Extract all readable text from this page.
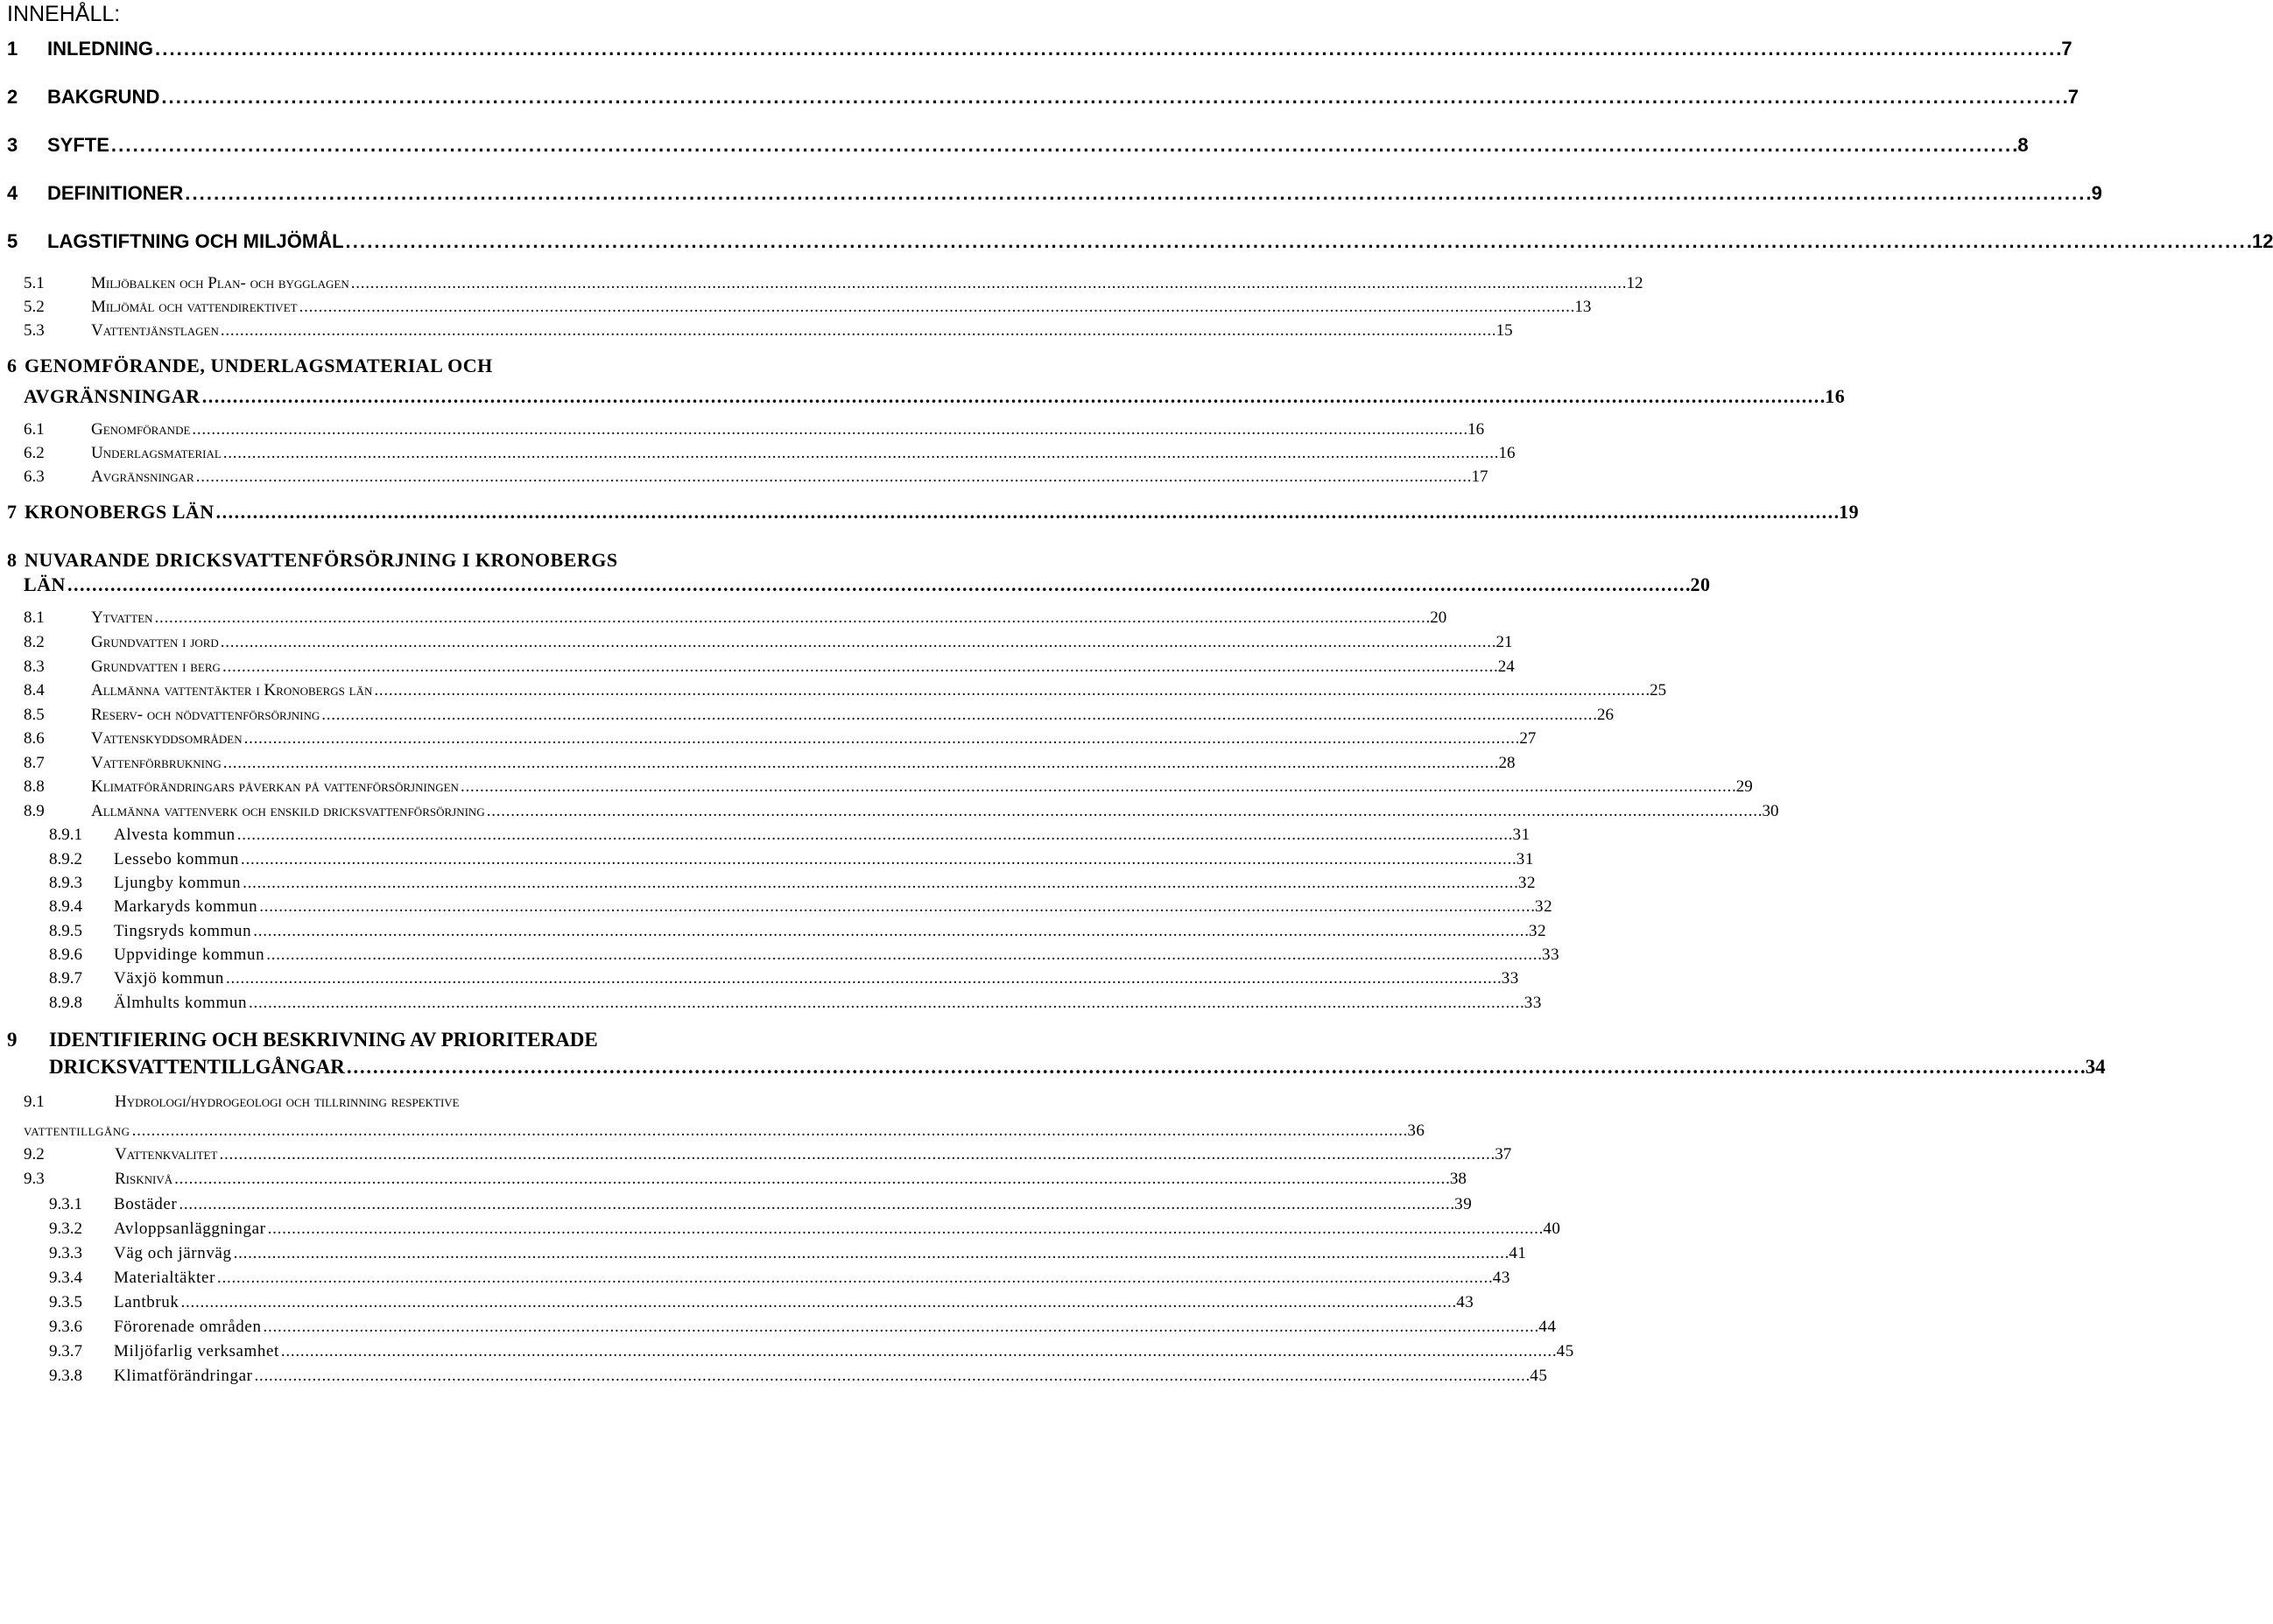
INNEHÅLL:
1	INLEDNING . . .	7
2	BAKGRUND . . .	7
3	SYFTE . . .	8
4	DEFINITIONER . . .	9
5	LAGSTIFTNING OCH MILJÖMÅL . . .	12
5.1	Miljöbalken och Plan- och bygglagen . . .	12
5.2	Miljömål och vattendirektivet . . .	13
5.3	Vattentjänstlagen . . .	15
6 GENOMFÖRANDE, UNDERLAGSMATERIAL OCH
AVGRÄNSNINGAR . . .	16
6.1	Genomförande . . .	16
6.2	Underlagsmaterial . . .	16
6.3	Avgränsningar . . .	17
7 KRONOBERGS LÄN . . .	19
8 NUVARANDE DRICKSVATTENFÖRSÖRJNING I KRONOBERGS
LÄN . . .	20
8.1	Ytvatten . . .	20
8.2	Grundvatten i jord . . .	21
8.3	Grundvatten i berg . . .	24
8.4	Allmänna vattentäkter i Kronobergs län . . .	25
8.5	Reserv- och nödvattenförsörjning . . .	26
8.6	Vattenskyddsområden . . .	27
8.7	Vattenförbrukning . . .	28
8.8	Klimatförändringars påverkan på vattenförsörjningen . . .	29
8.9	Allmänna vattenverk och enskild dricksvattenförsörjning . . .	30
8.9.1	Alvesta kommun . . .	31
8.9.2	Lessebo kommun . . .	31
8.9.3	Ljungby kommun . . .	32
8.9.4	Markaryds kommun . . .	32
8.9.5	Tingsryds kommun . . .	32
8.9.6	Uppvidinge kommun . . .	33
8.9.7	Växjö kommun . . .	33
8.9.8	Älmhults kommun . . .	33
9	IDENTIFIERING OCH BESKRIVNING AV PRIORITERADE
DRICKSVATTENTILLGÅNGAR . . .	34
9.1	Hydrologi/hydrogeologi och tillrinning respektive
vattentillgång . . .	36
9.2	Vattenkvalitet . . .	37
9.3	Risknivå . . .	38
9.3.1	Bostäder . . .	39
9.3.2	Avloppsanläggningar . . .	40
9.3.3	Väg och järnväg . . .	41
9.3.4	Materialtäkter . . .	43
9.3.5	Lantbruk . . .	43
9.3.6	Förorenade områden . . .	44
9.3.7	Miljöfarlig verksamhet . . .	45
9.3.8	Klimatförändringar . . .	45
